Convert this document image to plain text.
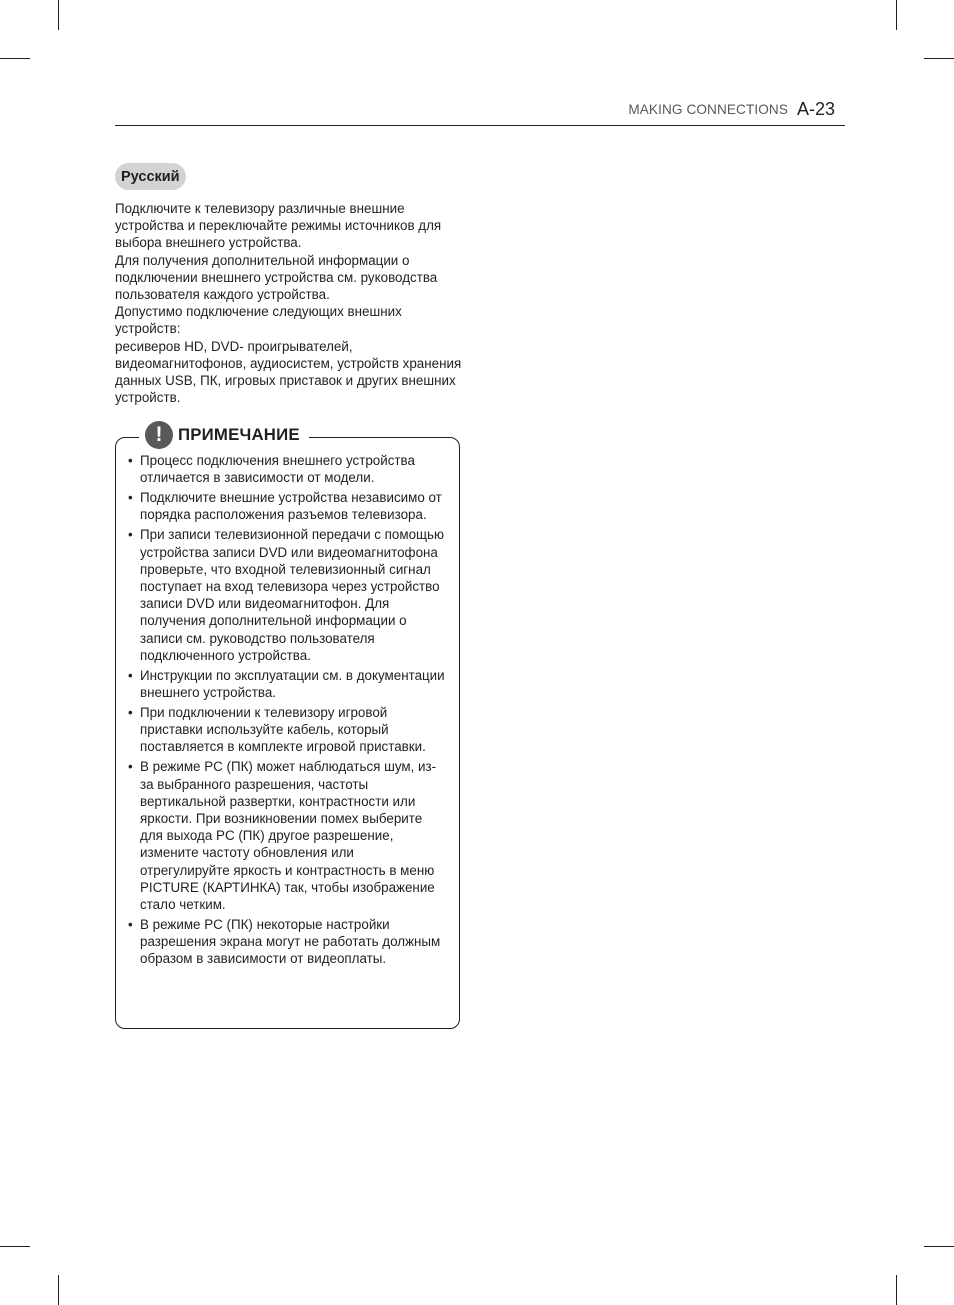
MAKING CONNECTIONS A-23
Русский

Подключите к телевизору различные внешние устройства и переключайте режимы источников для выбора внешнего устройства.

Для получения дополнительной информации о подключении внешнего устройства см. руководства пользователя каждого устройства.

Допустимо подключение следующих внешних устройств:

ресиверов HD, DVD- проигрывателей, видеомагнитофонов, аудиосистем, устройств хранения данных USB, ПК, игровых приставок и других внешних устройств.

! ПРИМЕЧАНИЕ
• Процесс подключения внешнего устройства отличается в зависимости от модели.
• Подключите внешние устройства независимо от порядка расположения разъемов телевизора.
• При записи телевизионной передачи с помощью устройства записи DVD или видеомагнитофона проверьте, что входной телевизионный сигнал поступает на вход телевизора через устройство записи DVD или видеомагнитофон. Для получения дополнительной информации о записи см. руководство пользователя подключенного устройства.
• Инструкции по эксплуатации см. в документации внешнего устройства.
• При подключении к телевизору игровой приставки используйте кабель, который поставляется в комплекте игровой приставки.
• В режиме PC (ПК) может наблюдаться шум, из-за выбранного разрешения, частоты вертикальной развертки, контрастности или яркости. При возникновении помех выберите для выхода PC (ПК) другое разрешение, измените частоту обновления или отрегулируйте яркость и контрастность в меню PICTURE (КАРТИНКА) так, чтобы изображение стало четким.
• В режиме PC (ПК) некоторые настройки разрешения экрана могут не работать должным образом в зависимости от видеоплаты.
